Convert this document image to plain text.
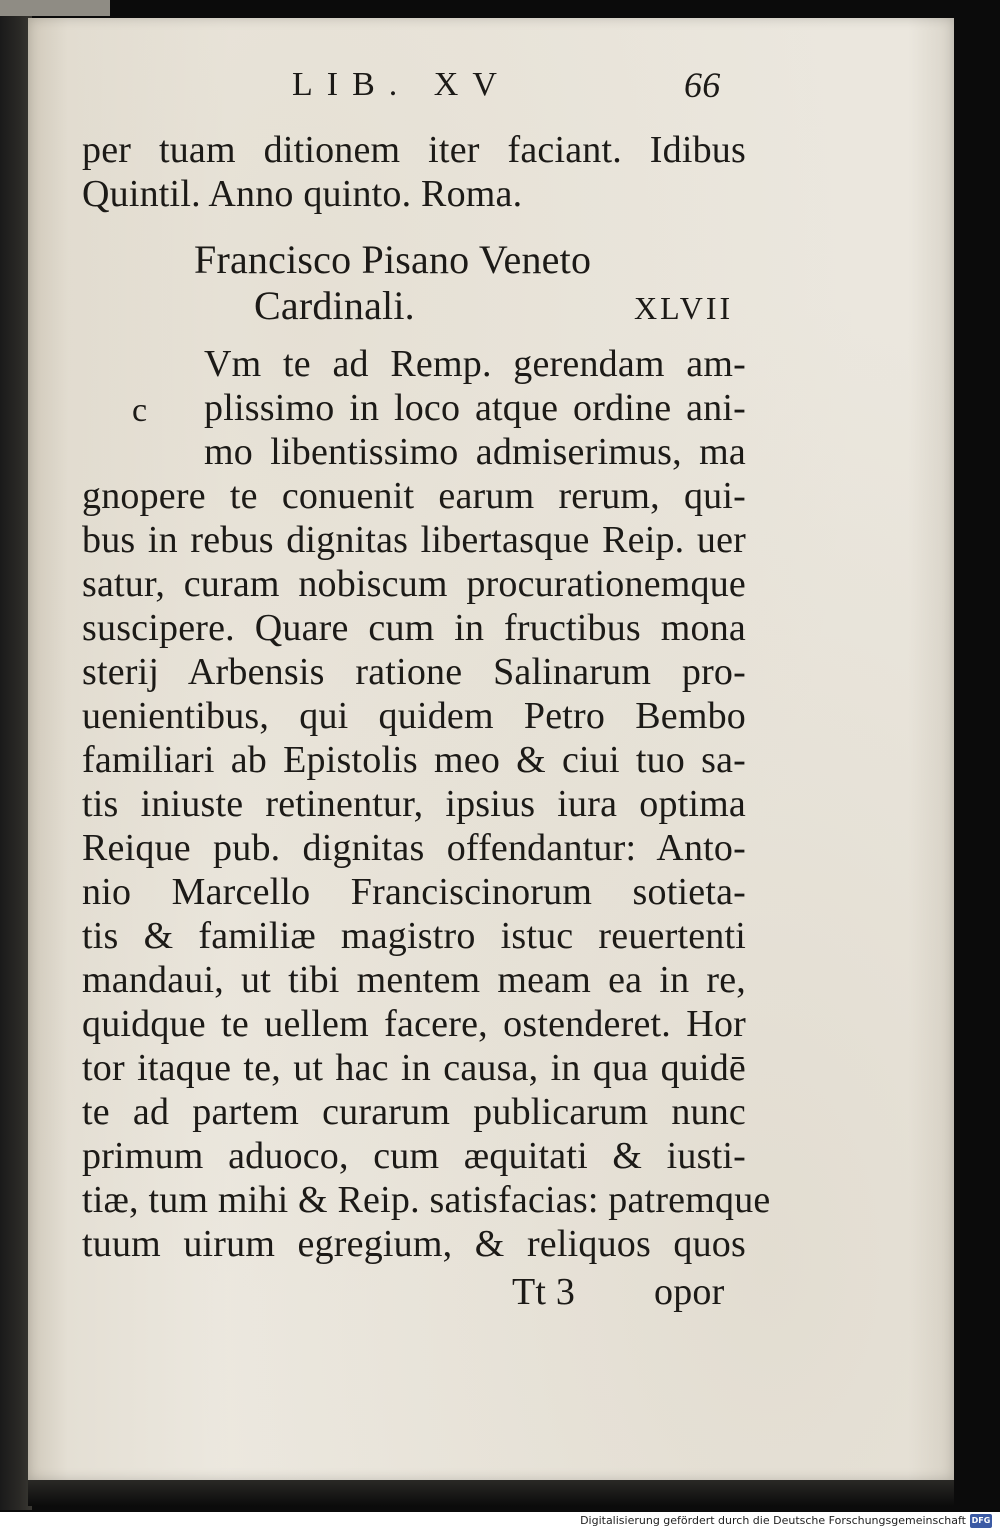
LIB. XV	66
per tuam ditionem iter faciant. Idibus
Quintil. Anno quinto. Roma.
Francisco Pisano Veneto
Cardinali.	XLVII
c
Vm te ad Remp. gerendam am-
plissimo in loco atque ordine ani-
mo libentissimo admiserimus, ma
gnopere te conuenit earum rerum, qui-
bus in rebus dignitas libertasque Reip. uer
satur, curam nobiscum procurationemque
suscipere. Quare cum in fructibus mona
sterij Arbensis ratione Salinarum pro-
uenientibus, qui quidem Petro Bembo
familiari ab Epistolis meo & ciui tuo sa-
tis iniuste retinentur, ipsius iura optima
Reique pub. dignitas offendantur: Anto-
nio Marcello Franciscinorum sotieta-
tis & familiæ magistro istuc reuertenti
mandaui, ut tibi mentem meam ea in re,
quidque te uellem facere, ostenderet. Hor
tor itaque te, ut hac in causa, in qua quidē
te ad partem curarum publicarum nunc
primum aduoco, cum æquitati & iusti-
tiæ, tum mihi & Reip. satisfacias: patremque
tuum uirum egregium, & reliquos quos
Tt 3 opor
Digitalisierung gefördert durch die Deutsche Forschungsgemeinschaft DFG
